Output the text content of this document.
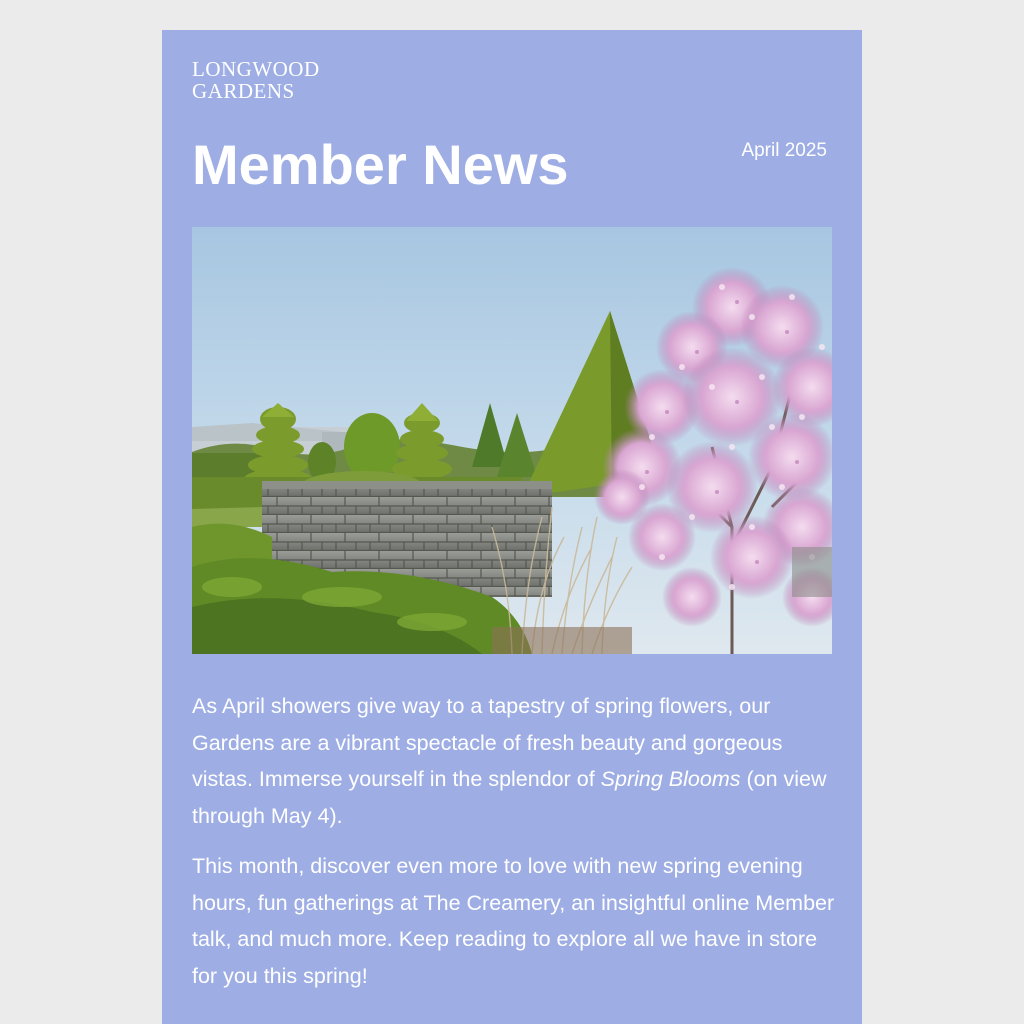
LONGWOOD
GARDENS
Member News	April 2025

As April showers give way to a tapestry of spring flowers, our Gardens are a vibrant spectacle of fresh beauty and gorgeous vistas. Immerse yourself in the splendor of Spring Blooms (on view through May 4).

This month, discover even more to love with new spring evening hours, fun gatherings at The Creamery, an insightful online Member talk, and much more. Keep reading to explore all we have in store for you this spring!
